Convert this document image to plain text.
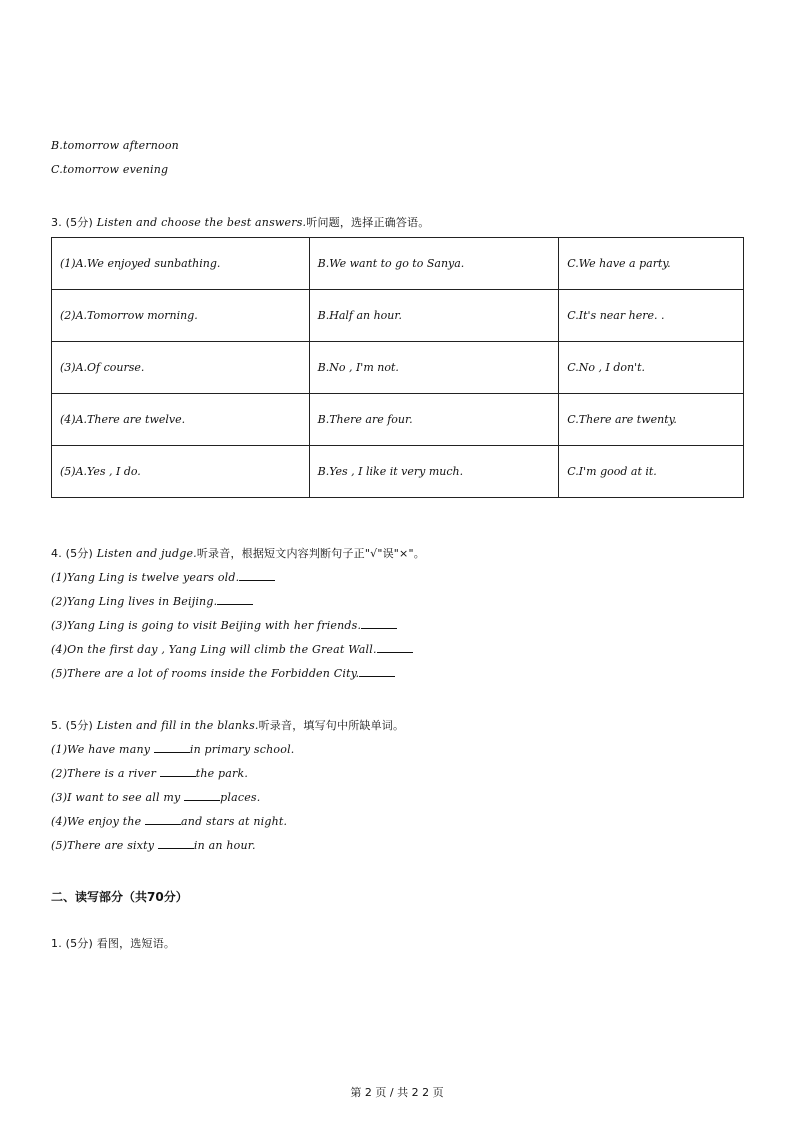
B.tomorrow afternoon
C.tomorrow evening
3. (5分) Listen and choose the best answers.听问题，选择正确答语。
(1)A.We enjoyed sunbathing.	B.We want to go to Sanya.	C.We have a party.
(2)A.Tomorrow morning.	B.Half an hour.	C.It's near here. .
(3)A.Of course.	B.No , I'm not.	C.No , I don't.
(4)A.There are twelve.	B.There are four.	C.There are twenty.
(5)A.Yes , I do.	B.Yes , I like it very much.	C.I'm good at it.
4. (5分) Listen and judge.听录音，根据短文内容判断句子正"√"误"×"。
(1)Yang Ling is twelve years old.
(2)Yang Ling lives in Beijing.
(3)Yang Ling is going to visit Beijing with her friends.
(4)On the first day , Yang Ling will climb the Great Wall.
(5)There are a lot of rooms inside the Forbidden City.
5. (5分) Listen and fill in the blanks.听录音，填写句中所缺单词。
(1)We have many	in primary school.
(2)There is a river	the park.
(3)I want to see all my	places.
(4)We enjoy the	and stars at night.
(5)There are sixty	in an hour.
二、读写部分（共70分）
1. (5分) 看图，选短语。
第 2 页 / 共 2 2 页
